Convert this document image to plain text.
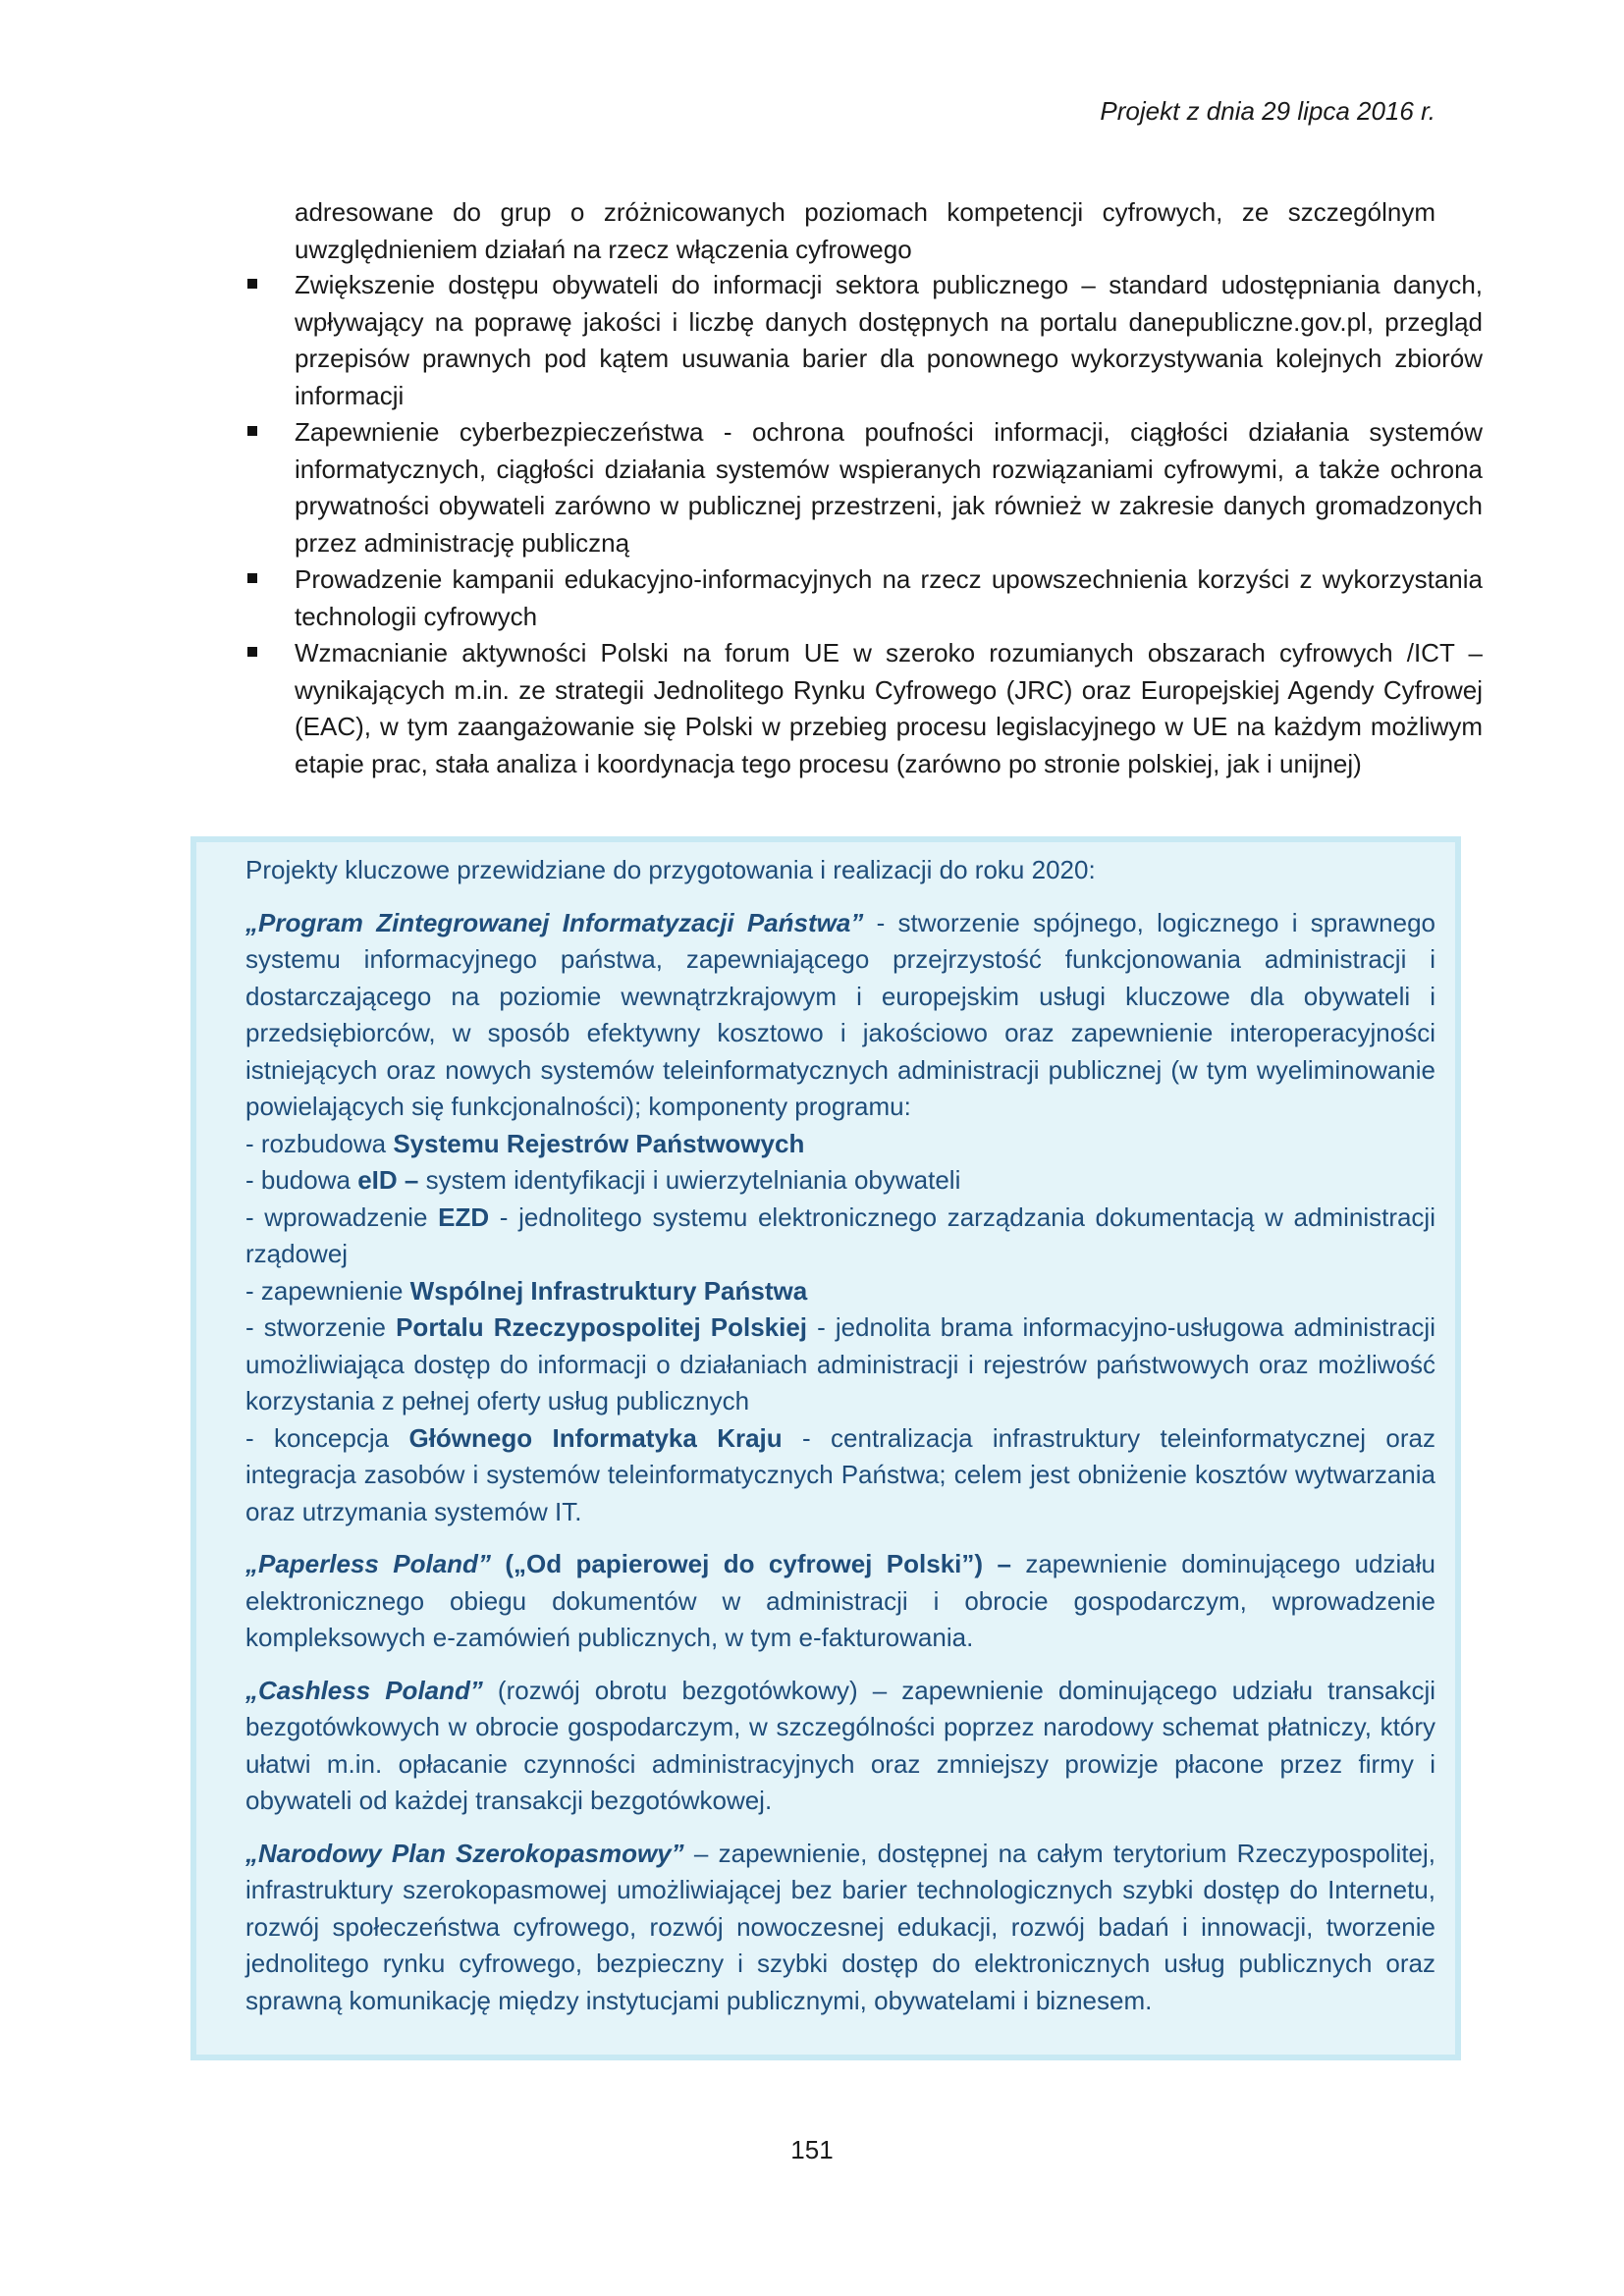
Projekt z dnia 29 lipca 2016 r.

adresowane do grup o zróżnicowanych poziomach kompetencji cyfrowych, ze szczególnym uwzględnieniem działań na rzecz włączenia cyfrowego

Zwiększenie dostępu obywateli do informacji sektora publicznego – standard udostępniania danych, wpływający na poprawę jakości i liczbę danych dostępnych na portalu danepubliczne.gov.pl, przegląd przepisów prawnych pod kątem usuwania barier dla ponownego wykorzystywania kolejnych zbiorów informacji
Zapewnienie cyberbezpieczeństwa - ochrona poufności informacji, ciągłości działania systemów informatycznych, ciągłości działania systemów wspieranych rozwiązaniami cyfrowymi, a także ochrona prywatności obywateli zarówno w publicznej przestrzeni, jak również w zakresie danych gromadzonych przez administrację publiczną
Prowadzenie kampanii edukacyjno-informacyjnych na rzecz upowszechnienia korzyści z wykorzystania technologii cyfrowych
Wzmacnianie aktywności Polski na forum UE w szeroko rozumianych obszarach cyfrowych /ICT – wynikających m.in. ze strategii Jednolitego Rynku Cyfrowego (JRC) oraz Europejskiej Agendy Cyfrowej (EAC), w tym zaangażowanie się Polski w przebieg procesu legislacyjnego w UE na każdym możliwym etapie prac, stała analiza i koordynacja tego procesu (zarówno po stronie polskiej, jak i unijnej)

Projekty kluczowe przewidziane do przygotowania i realizacji do roku 2020:

„Program Zintegrowanej Informatyzacji Państwa” - stworzenie spójnego, logicznego i sprawnego systemu informacyjnego państwa, zapewniającego przejrzystość funkcjonowania administracji i dostarczającego na poziomie wewnątrzkrajowym i europejskim usługi kluczowe dla obywateli i przedsiębiorców, w sposób efektywny kosztowo i jakościowo oraz zapewnienie interoperacyjności istniejących oraz nowych systemów teleinformatycznych administracji publicznej (w tym wyeliminowanie powielających się funkcjonalności); komponenty programu:

- rozbudowa Systemu Rejestrów Państwowych

- budowa eID – system identyfikacji i uwierzytelniania obywateli

- wprowadzenie EZD - jednolitego systemu elektronicznego zarządzania dokumentacją w administracji rządowej

- zapewnienie Wspólnej Infrastruktury Państwa

- stworzenie Portalu Rzeczypospolitej Polskiej - jednolita brama informacyjno-usługowa administracji umożliwiająca dostęp do informacji o działaniach administracji i rejestrów państwowych oraz możliwość korzystania z pełnej oferty usług publicznych

- koncepcja Głównego Informatyka Kraju - centralizacja infrastruktury teleinformatycznej oraz integracja zasobów i systemów teleinformatycznych Państwa; celem jest obniżenie kosztów wytwarzania oraz utrzymania systemów IT.

„Paperless Poland” („Od papierowej do cyfrowej Polski”) – zapewnienie dominującego udziału elektronicznego obiegu dokumentów w administracji i obrocie gospodarczym, wprowadzenie kompleksowych e-zamówień publicznych, w tym e-fakturowania.

„Cashless Poland” (rozwój obrotu bezgotówkowy) – zapewnienie dominującego udziału transakcji bezgotówkowych w obrocie gospodarczym, w szczególności poprzez narodowy schemat płatniczy, który ułatwi m.in. opłacanie czynności administracyjnych oraz zmniejszy prowizje płacone przez firmy i obywateli od każdej transakcji bezgotówkowej.

„Narodowy Plan Szerokopasmowy” – zapewnienie, dostępnej na całym terytorium Rzeczypospolitej, infrastruktury szerokopasmowej umożliwiającej bez barier technologicznych szybki dostęp do Internetu, rozwój społeczeństwa cyfrowego, rozwój nowoczesnej edukacji, rozwój badań i innowacji, tworzenie jednolitego rynku cyfrowego, bezpieczny i szybki dostęp do elektronicznych usług publicznych oraz sprawną komunikację między instytucjami publicznymi, obywatelami i biznesem.

151
